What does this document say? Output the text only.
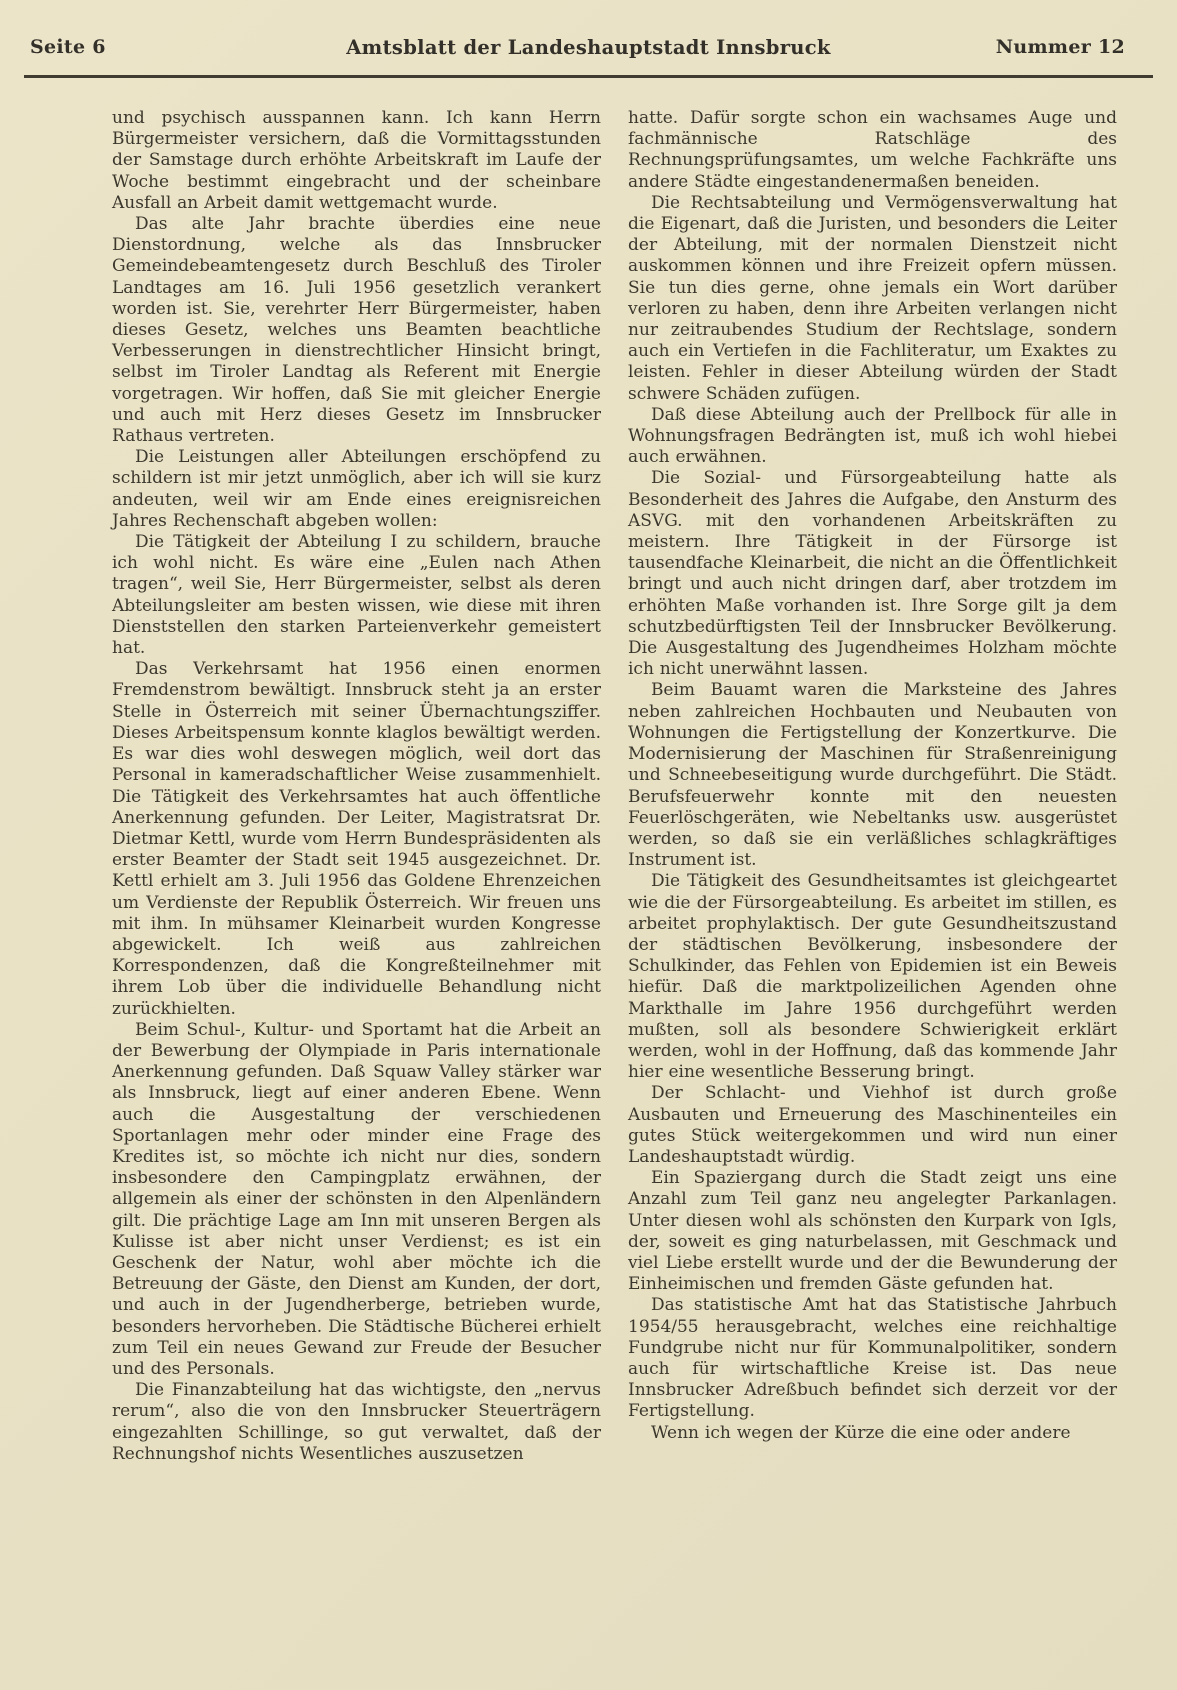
Seite 6	Amtsblatt der Landeshauptstadt Innsbruck	Nummer 12

und psychisch ausspannen kann. Ich kann Herrn Bürgermeister versichern, daß die Vormittagsstunden der Samstage durch erhöhte Arbeitskraft im Laufe der Woche bestimmt eingebracht und der scheinbare Ausfall an Arbeit damit wettgemacht wurde.

Das alte Jahr brachte überdies eine neue Dienstordnung, welche als das Innsbrucker Gemeindebeamtengesetz durch Beschluß des Tiroler Landtages am 16. Juli 1956 gesetzlich verankert worden ist. Sie, verehrter Herr Bürgermeister, haben dieses Gesetz, welches uns Beamten beachtliche Verbesserungen in dienstrechtlicher Hinsicht bringt, selbst im Tiroler Landtag als Referent mit Energie vorgetragen. Wir hoffen, daß Sie mit gleicher Energie und auch mit Herz dieses Gesetz im Innsbrucker Rathaus vertreten.

Die Leistungen aller Abteilungen erschöpfend zu schildern ist mir jetzt unmöglich, aber ich will sie kurz andeuten, weil wir am Ende eines ereignisreichen Jahres Rechenschaft abgeben wollen:

Die Tätigkeit der Abteilung I zu schildern, brauche ich wohl nicht. Es wäre eine „Eulen nach Athen tragen“, weil Sie, Herr Bürgermeister, selbst als deren Abteilungsleiter am besten wissen, wie diese mit ihren Dienststellen den starken Parteienverkehr gemeistert hat.

Das Verkehrsamt hat 1956 einen enormen Fremdenstrom bewältigt. Innsbruck steht ja an erster Stelle in Österreich mit seiner Übernachtungsziffer. Dieses Arbeitspensum konnte klaglos bewältigt werden. Es war dies wohl deswegen möglich, weil dort das Personal in kameradschaftlicher Weise zusammenhielt. Die Tätigkeit des Verkehrsamtes hat auch öffentliche Anerkennung gefunden. Der Leiter, Magistratsrat Dr. Dietmar Kettl, wurde vom Herrn Bundespräsidenten als erster Beamter der Stadt seit 1945 ausgezeichnet. Dr. Kettl erhielt am 3. Juli 1956 das Goldene Ehrenzeichen um Verdienste der Republik Österreich. Wir freuen uns mit ihm. In mühsamer Kleinarbeit wurden Kongresse abgewickelt. Ich weiß aus zahlreichen Korrespondenzen, daß die Kongreßteilnehmer mit ihrem Lob über die individuelle Behandlung nicht zurückhielten.

Beim Schul-, Kultur- und Sportamt hat die Arbeit an der Bewerbung der Olympiade in Paris internationale Anerkennung gefunden. Daß Squaw Valley stärker war als Innsbruck, liegt auf einer anderen Ebene. Wenn auch die Ausgestaltung der verschiedenen Sportanlagen mehr oder minder eine Frage des Kredites ist, so möchte ich nicht nur dies, sondern insbesondere den Campingplatz erwähnen, der allgemein als einer der schönsten in den Alpenländern gilt. Die prächtige Lage am Inn mit unseren Bergen als Kulisse ist aber nicht unser Verdienst; es ist ein Geschenk der Natur, wohl aber möchte ich die Betreuung der Gäste, den Dienst am Kunden, der dort, und auch in der Jugendherberge, betrieben wurde, besonders hervorheben. Die Städtische Bücherei erhielt zum Teil ein neues Gewand zur Freude der Besucher und des Personals.

Die Finanzabteilung hat das wichtigste, den „nervus rerum“, also die von den Innsbrucker Steuerträgern eingezahlten Schillinge, so gut verwaltet, daß der Rechnungshof nichts Wesentliches auszusetzen

hatte. Dafür sorgte schon ein wachsames Auge und fachmännische Ratschläge des Rechnungsprüfungsamtes, um welche Fachkräfte uns andere Städte eingestandenermaßen beneiden.

Die Rechtsabteilung und Vermögensverwaltung hat die Eigenart, daß die Juristen, und besonders die Leiter der Abteilung, mit der normalen Dienstzeit nicht auskommen können und ihre Freizeit opfern müssen. Sie tun dies gerne, ohne jemals ein Wort darüber verloren zu haben, denn ihre Arbeiten verlangen nicht nur zeitraubendes Studium der Rechtslage, sondern auch ein Vertiefen in die Fachliteratur, um Exaktes zu leisten. Fehler in dieser Abteilung würden der Stadt schwere Schäden zufügen.

Daß diese Abteilung auch der Prellbock für alle in Wohnungsfragen Bedrängten ist, muß ich wohl hiebei auch erwähnen.

Die Sozial- und Fürsorgeabteilung hatte als Besonderheit des Jahres die Aufgabe, den Ansturm des ASVG. mit den vorhandenen Arbeitskräften zu meistern. Ihre Tätigkeit in der Fürsorge ist tausendfache Kleinarbeit, die nicht an die Öffentlichkeit bringt und auch nicht dringen darf, aber trotzdem im erhöhten Maße vorhanden ist. Ihre Sorge gilt ja dem schutzbedürftigsten Teil der Innsbrucker Bevölkerung. Die Ausgestaltung des Jugendheimes Holzham möchte ich nicht unerwähnt lassen.

Beim Bauamt waren die Marksteine des Jahres neben zahlreichen Hochbauten und Neubauten von Wohnungen die Fertigstellung der Konzertkurve. Die Modernisierung der Maschinen für Straßenreinigung und Schneebeseitigung wurde durchgeführt. Die Städt. Berufsfeuerwehr konnte mit den neuesten Feuerlöschgeräten, wie Nebeltanks usw. ausgerüstet werden, so daß sie ein verläßliches schlagkräftiges Instrument ist.

Die Tätigkeit des Gesundheitsamtes ist gleichgeartet wie die der Fürsorgeabteilung. Es arbeitet im stillen, es arbeitet prophylaktisch. Der gute Gesundheitszustand der städtischen Bevölkerung, insbesondere der Schulkinder, das Fehlen von Epidemien ist ein Beweis hiefür. Daß die marktpolizeilichen Agenden ohne Markthalle im Jahre 1956 durchgeführt werden mußten, soll als besondere Schwierigkeit erklärt werden, wohl in der Hoffnung, daß das kommende Jahr hier eine wesentliche Besserung bringt.

Der Schlacht- und Viehhof ist durch große Ausbauten und Erneuerung des Maschinenteiles ein gutes Stück weitergekommen und wird nun einer Landeshauptstadt würdig.

Ein Spaziergang durch die Stadt zeigt uns eine Anzahl zum Teil ganz neu angelegter Parkanlagen. Unter diesen wohl als schönsten den Kurpark von Igls, der, soweit es ging naturbelassen, mit Geschmack und viel Liebe erstellt wurde und der die Bewunderung der Einheimischen und fremden Gäste gefunden hat.

Das statistische Amt hat das Statistische Jahrbuch 1954/55 herausgebracht, welches eine reichhaltige Fundgrube nicht nur für Kommunalpolitiker, sondern auch für wirtschaftliche Kreise ist. Das neue Innsbrucker Adreßbuch befindet sich derzeit vor der Fertigstellung.

Wenn ich wegen der Kürze die eine oder andere
